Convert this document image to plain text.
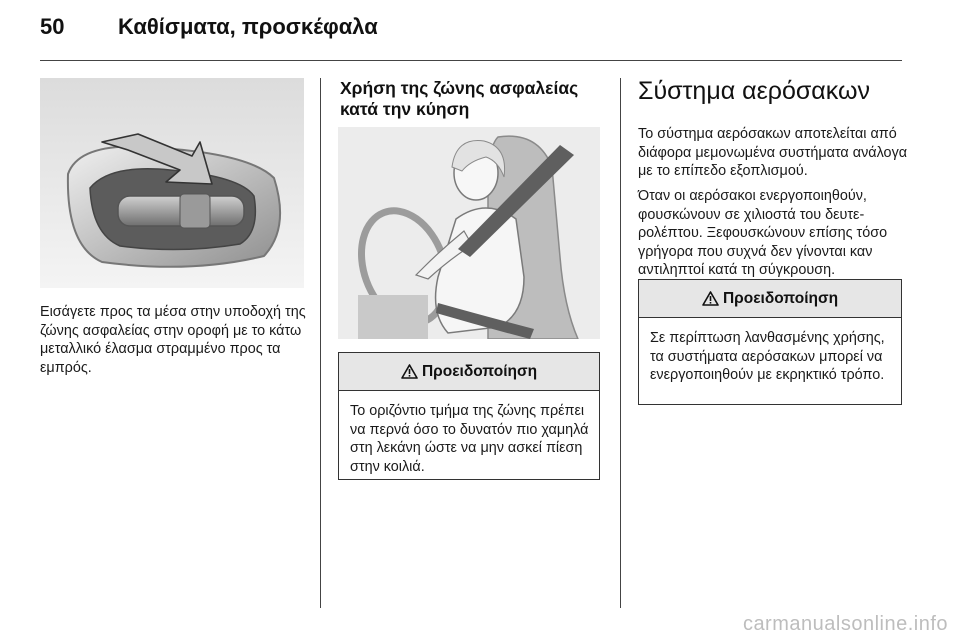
50 Καθίσματα, προσκέφαλα

Εισάγετε προς τα μέσα στην υποδοχή της ζώνης ασφαλείας στην οροφή με το κάτω μεταλλικό έλασμα στραμμένο προς τα εμπρός.

Χρήση της ζώνης ασφαλείας κατά την κύηση
Προειδοποίηση

Το οριζόντιο τμήμα της ζώνης πρέπει να περνά όσο το δυνατόν πιο χαμηλά στη λεκάνη ώστε να μην ασκεί πίεση στην κοιλιά.

Σύστημα αερόσακων

Το σύστημα αερόσακων αποτελείται από διάφορα μεμονωμένα συστήματα ανάλογα με το επίπεδο εξοπλισμού.

Όταν οι αερόσακοι ενεργοποιηθούν, φουσκώνουν σε χιλιοστά του δευτερολέπτου. Ξεφουσκώνουν επίσης τόσο γρήγορα που συχνά δεν γίνονται καν αντιληπτοί κατά τη σύγκρουση.

Προειδοποίηση

Σε περίπτωση λανθασμένης χρήσης, τα συστήματα αερόσακων μπορεί να ενεργοποιηθούν με εκρηκτικό τρόπο.

carmanualsonline.info
